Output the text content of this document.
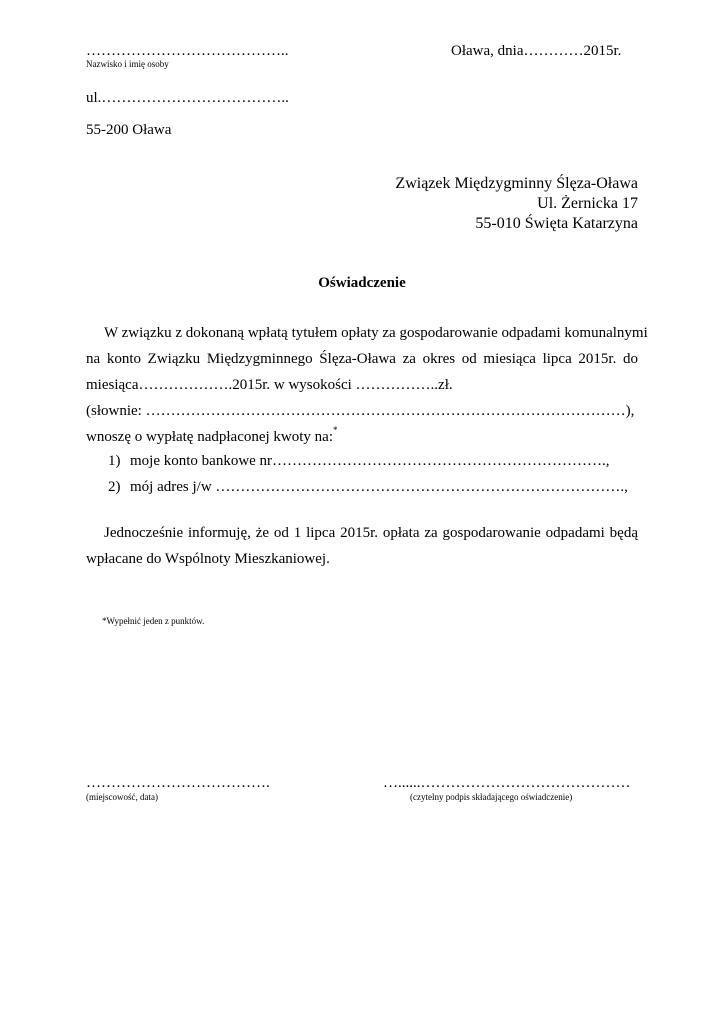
…………………………………..
Nazwisko i imię osoby
Oława, dnia…………2015r.
ul.………………………………..
55-200 Oława
Związek Międzygminny Ślęza-Oława
Ul. Żernicka 17
55-010 Święta Katarzyna
Oświadczenie
W związku z dokonaną wpłatą tytułem opłaty za gospodarowanie odpadami komunalnymi
na konto Związku Międzygminnego Ślęza-Oława za okres od miesiąca lipca 2015r. do
miesiąca……………….2015r. w wysokości ……………..zł.
(słownie: ……………………………………………………………………………………),
wnoszę o wypłatę nadpłaconej kwoty na:*
1) moje konto bankowe nr………………………………………………………….,
2) mój adres j/w ……………………………………………………………………….,
Jednocześnie informuję, że od 1 lipca 2015r. opłata za gospodarowanie odpadami będą
wpłacane do Wspólnoty Mieszkaniowej.
*Wypełnić jeden z punktów.
……………………………….
(miejscowość, data)
…......……………………………………
(czytelny podpis składającego oświadczenie)
